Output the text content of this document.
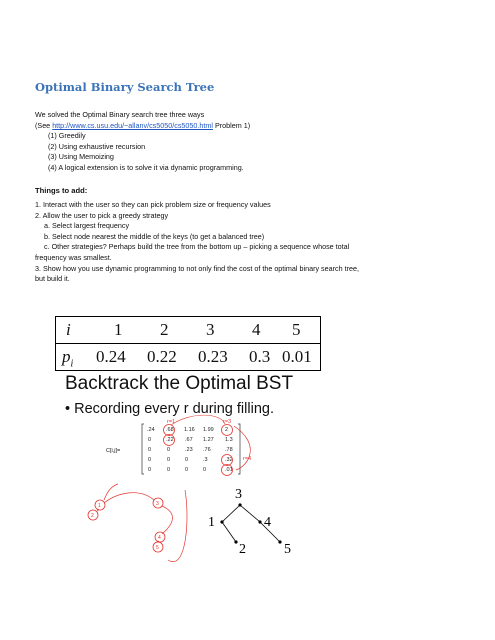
Optimal Binary Search Tree
We solved the Optimal Binary search tree three ways
(See http://www.cs.usu.edu/~allanv/cs5050/cs5050.html Problem 1)
(1) Greedily
(2) Using exhaustive recursion
(3) Using Memoizing
(4) A logical extension is to solve it via dynamic programming.
Things to add:
1. Interact with the user so they can pick problem size or frequency values
2. Allow the user to pick a greedy strategy
a. Select largest frequency
b. Select node nearest the middle of the keys (to get a balanced tree)
c. Other strategies? Perhaps build the tree from the bottom up – picking a sequence whose total
frequency was smallest.
3. Show how you use dynamic programming to not only find the cost of the optimal binary search tree,
but build it.
i	1 2 3 4 5
$p_i$ 0.24 0.22 0.23 0.3 0.01
Backtrack the Optimal BST
• Recording every r during filling.
C[i,j]=
.24 .68 1.16 1.99 2
0	.22 .67 1.27 1.3
0	0	.23 .76	.78
0	0	0	.3	.32
0	0	0	0	.01
r=1	r=3
r=4
1
2
3
4
5
3
1	4
2	5
